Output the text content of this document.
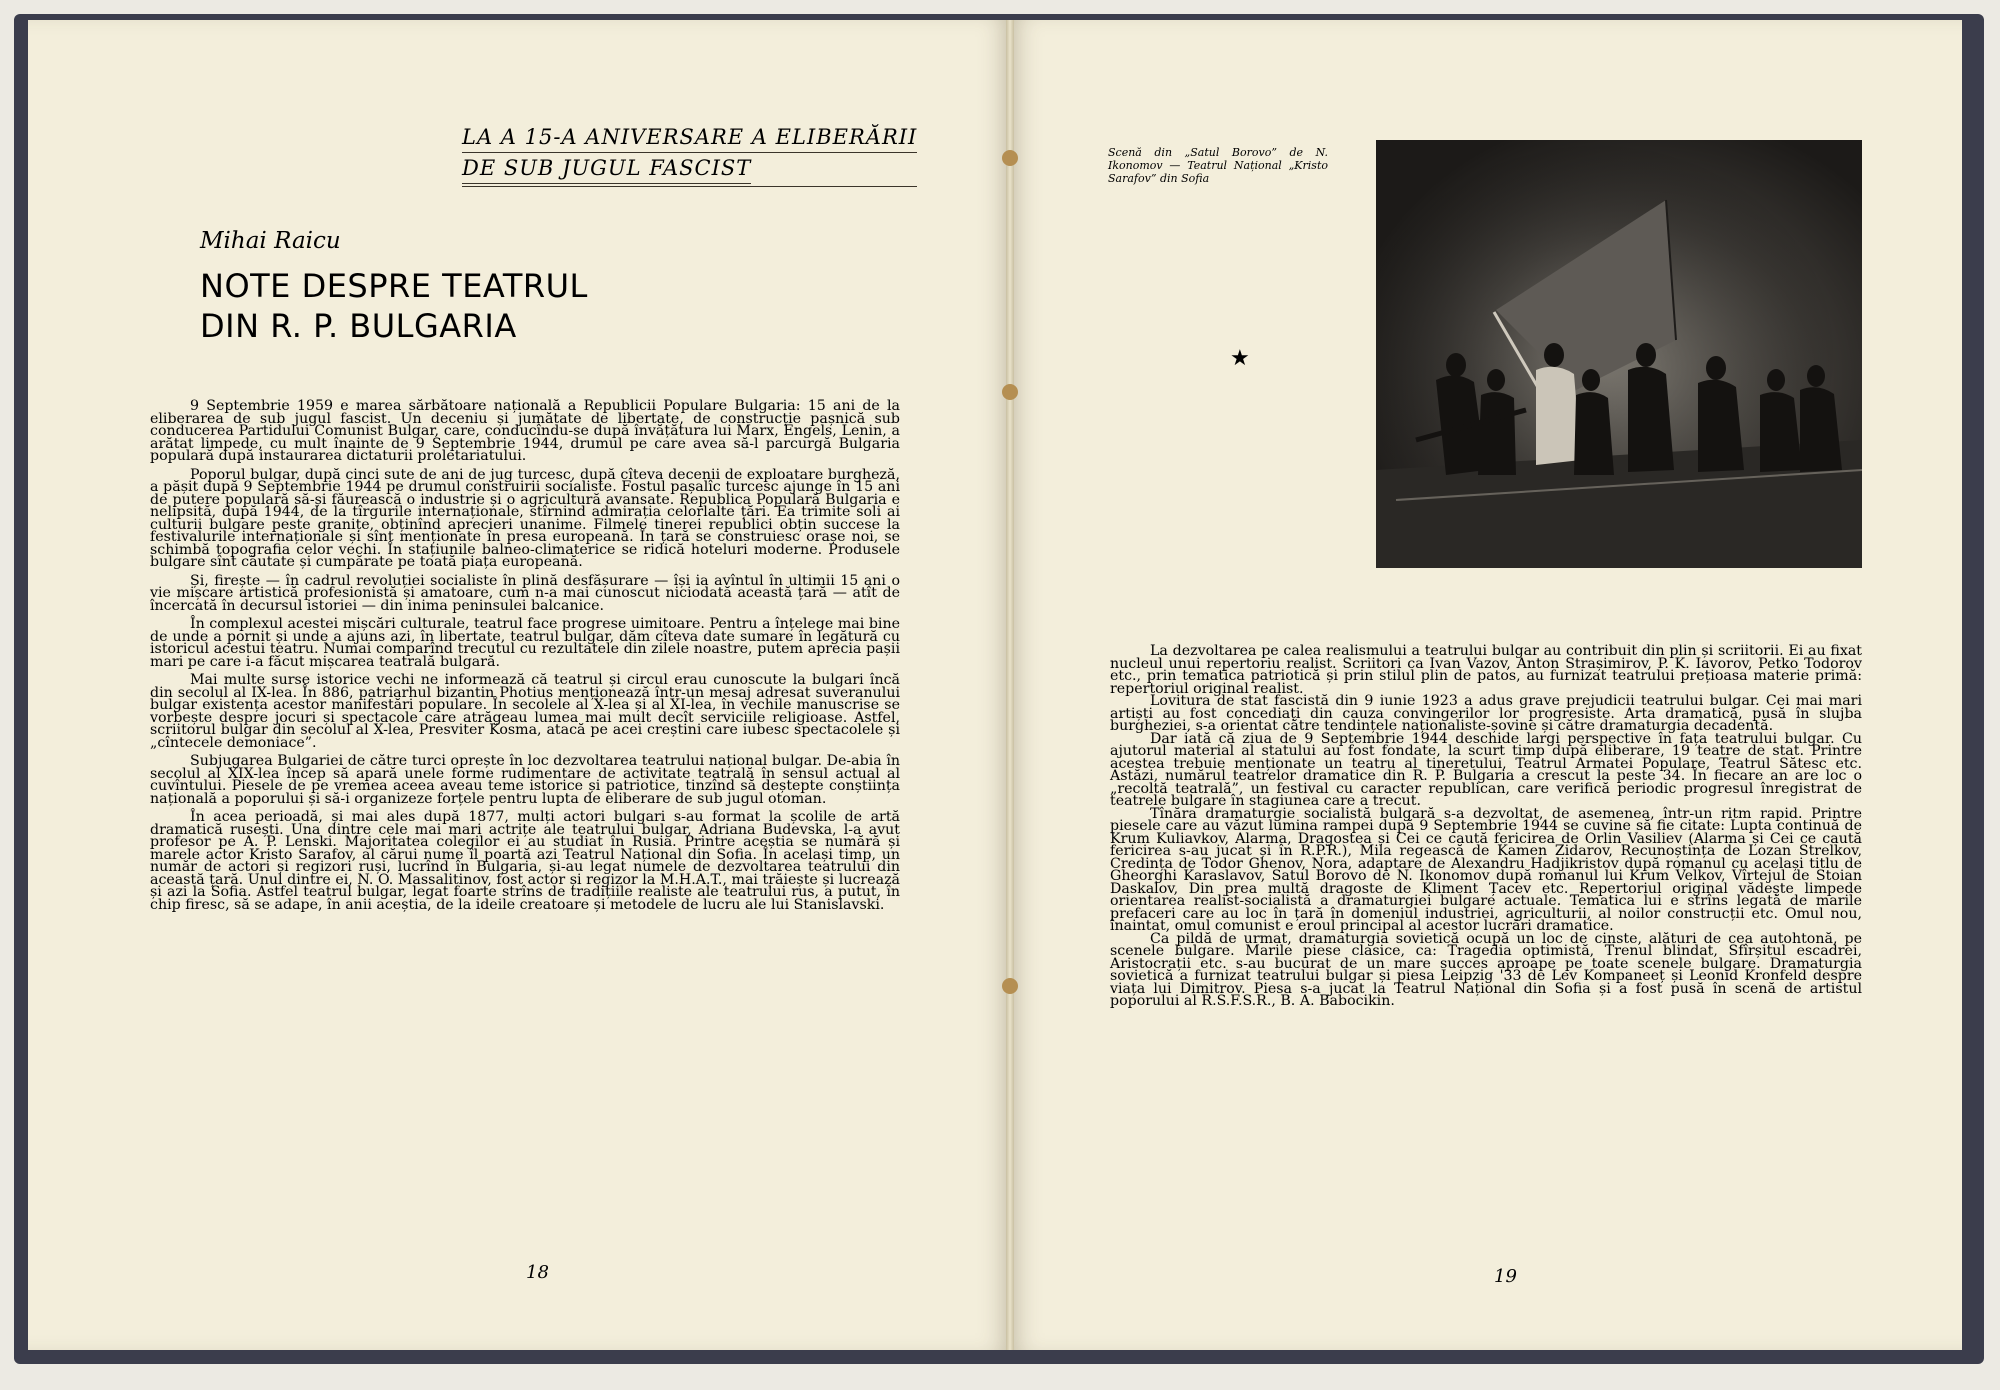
LA A 15-A ANIVERSARE A ELIBERĂRII
DE SUB JUGUL FASCIST
Mihai Raicu
NOTE DESPRE TEATRUL
DIN R. P. BULGARIA

9 Septembrie 1959 e marea sărbătoare națională a Republicii Populare Bulgaria: 15 ani de la eliberarea de sub jugul fascist. Un deceniu și jumătate de libertate, de construcție pașnică sub conducerea Partidului Comunist Bulgar, care, conducîndu-se după învățătura lui Marx, Engels, Lenin, a arătat limpede, cu mult înainte de 9 Septembrie 1944, drumul pe care avea să-l parcurgă Bulgaria populară după instaurarea dictaturii proletariatului.

Poporul bulgar, după cinci sute de ani de jug turcesc, după cîteva decenii de exploatare burgheză, a pășit după 9 Septembrie 1944 pe drumul construirii socialiste. Fostul pașalîc turcesc ajunge în 15 ani de putere populară să-și făurească o industrie și o agricultură avansate. Republica Populară Bulgaria e nelipsită, după 1944, de la tîrgurile internaționale, stîrnind admirația celorlalte țări. Ea trimite soli ai culturii bulgare peste granițe, obținînd aprecieri unanime. Filmele tinerei republici obțin succese la festivalurile internaționale și sînt menționate în presa europeană. În țară se construiesc orașe noi, se schimbă topografia celor vechi. În stațiunile balneo-climaterice se ridică hoteluri moderne. Produsele bulgare sînt căutate și cumpărate pe toată piața europeană.

Și, firește — în cadrul revoluției socialiste în plină desfășurare — își ia avîntul în ultimii 15 ani o vie mișcare artistică profesionistă și amatoare, cum n-a mai cunoscut niciodată această țară — atît de încercată în decursul istoriei — din inima peninsulei balcanice.

În complexul acestei mișcări culturale, teatrul face progrese uimitoare. Pentru a înțelege mai bine de unde a pornit și unde a ajuns azi, în libertate, teatrul bulgar, dăm cîteva date sumare în legătură cu istoricul acestui teatru. Numai comparînd trecutul cu rezultatele din zilele noastre, putem aprecia pașii mari pe care i-a făcut mișcarea teatrală bulgară.

Mai multe surse istorice vechi ne informează că teatrul și circul erau cunoscute la bulgari încă din secolul al IX-lea. În 886, patriarhul bizantin Photius menționează într-un mesaj adresat suveranului bulgar existența acestor manifestări populare. În secolele al X-lea și al XI-lea, în vechile manuscrise se vorbește despre jocuri și spectacole care atrăgeau lumea mai mult decît serviciile religioase. Astfel, scriitorul bulgar din secolul al X-lea, Presviter Kosma, atacă pe acei creștini care iubesc spectacolele și „cîntecele demoniace”.

Subjugarea Bulgariei de către turci oprește în loc dezvoltarea teatrului național bulgar. De-abia în secolul al XIX-lea încep să apară unele forme rudimentare de activitate teatrală în sensul actual al cuvîntului. Piesele de pe vremea aceea aveau teme istorice și patriotice, tinzînd să deștepte conștiința națională a poporului și să-i organizeze forțele pentru lupta de eliberare de sub jugul otoman.

În acea perioadă, și mai ales după 1877, mulți actori bulgari s-au format la școlile de artă dramatică rusești. Una dintre cele mai mari actrițe ale teatrului bulgar, Adriana Budevska, l-a avut profesor pe A. P. Lenski. Majoritatea colegilor ei au studiat în Rusia. Printre aceștia se numără și marele actor Kristo Sarafov, al cărui nume îl poartă azi Teatrul Național din Sofia. În același timp, un număr de actori și regizori ruși, lucrînd în Bulgaria, și-au legat numele de dezvoltarea teatrului din această țară. Unul dintre ei, N. O. Massalitinov, fost actor și regizor la M.H.A.T., mai trăiește și lucrează și azi la Sofia. Astfel teatrul bulgar, legat foarte strîns de tradițiile realiste ale teatrului rus, a putut, în chip firesc, să se adape, în anii aceștia, de la ideile creatoare și metodele de lucru ale lui Stanislavski.

18
Scenă din „Satul Borovo” de N. Ikonomov — Teatrul Național „Kristo Sarafov” din Sofia
★

La dezvoltarea pe calea realismului a teatrului bulgar au contribuit din plin și scriitorii. Ei au fixat nucleul unui repertoriu realist. Scriitori ca Ivan Vazov, Anton Strașimirov, P. K. Iavorov, Petko Todorov etc., prin tematica patriotică și prin stilul plin de patos, au furnizat teatrului prețioasa materie primă: repertoriul original realist.

Lovitura de stat fascistă din 9 iunie 1923 a adus grave prejudicii teatrului bulgar. Cei mai mari artiști au fost concediați din cauza convingerilor lor progresiste. Arta dramatică, pusă în slujba burgheziei, s-a orientat către tendințele naționaliste-șovine și către dramaturgia decadentă.

Dar iată că ziua de 9 Septembrie 1944 deschide largi perspective în fața teatrului bulgar. Cu ajutorul material al statului au fost fondate, la scurt timp după eliberare, 19 teatre de stat. Printre acestea trebuie menționate un teatru al tineretului, Teatrul Armatei Populare, Teatrul Sătesc etc. Astăzi, numărul teatrelor dramatice din R. P. Bulgaria a crescut la peste 34. În fiecare an are loc o „recoltă teatrală”, un festival cu caracter republican, care verifică periodic progresul înregistrat de teatrele bulgare în stagiunea care a trecut.

Tînăra dramaturgie socialistă bulgară s-a dezvoltat, de asemenea, într-un ritm rapid. Printre piesele care au văzut lumina rampei după 9 Septembrie 1944 se cuvine să fie citate: Lupta continuă de Krum Kuliavkov, Alarma, Dragostea și Cei ce caută fericirea de Orlin Vasiliev (Alarma și Cei ce caută fericirea s-au jucat și în R.P.R.), Mila regească de Kamen Zidarov, Recunoștința de Lozan Strelkov, Credința de Todor Ghenov, Nora, adaptare de Alexandru Hadjikristov după romanul cu același titlu de Gheorghi Karaslavov, Satul Borovo de N. Ikonomov după romanul lui Krum Velkov, Vîrtejul de Stoian Daskalov, Din prea multă dragoste de Kliment Țacev etc. Repertoriul original vădește limpede orientarea realist-socialistă a dramaturgiei bulgare actuale. Tematica lui e strîns legată de marile prefaceri care au loc în țară în domeniul industriei, agriculturii, al noilor construcții etc. Omul nou, înaintat, omul comunist e eroul principal al acestor lucrări dramatice.

Ca pildă de urmat, dramaturgia sovietică ocupă un loc de cinste, alături de cea autohtonă, pe scenele bulgare. Marile piese clasice, ca: Tragedia optimistă, Trenul blindat, Sfîrșitul escadrei, Aristocrații etc. s-au bucurat de un mare succes aproape pe toate scenele bulgare. Dramaturgia sovietică a furnizat teatrului bulgar și piesa Leipzig '33 de Lev Kompaneeț și Leonid Kronfeld despre viața lui Dimitrov. Piesa s-a jucat la Teatrul Național din Sofia și a fost pusă în scenă de artistul poporului al R.S.F.S.R., B. A. Babocikin.

19
